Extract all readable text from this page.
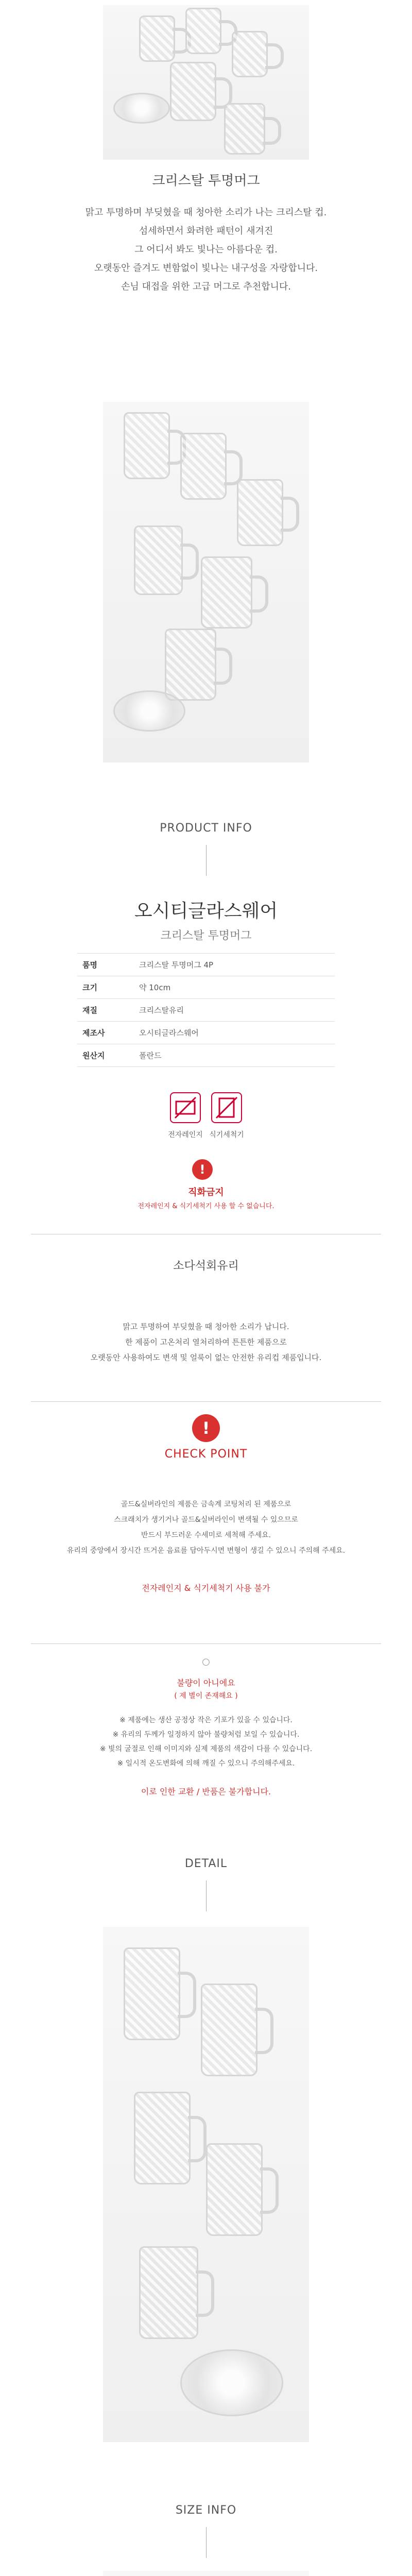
크리스탈 투명머그
맑고 투명하며 부딪혔을 때 청아한 소리가 나는 크리스탈 컵.
섬세하면서 화려한 패턴이 새겨진
그 어디서 봐도 빛나는 아름다운 컵.
오랫동안 즐겨도 변함없이 빛나는 내구성을 자랑합니다.
손님 대접을 위한 고급 머그로 추천합니다.
PRODUCT INFO
오시티글라스웨어
크리스탈 투명머그
품명	크리스탈 투명머그 4P
크기	약 10cm
재질	크리스탈유리
제조사	오시티글라스웨어
원산지	폴란드
전자레인지 식기세척기
!
직화금지
전자레인지 & 식기세척기 사용 할 수 없습니다.
소다석회유리
맑고 투명하여 부딪혔을 때 청아한 소리가 납니다.
한 제품이 고온처리 열처리하여 튼튼한 제품으로
오랫동안 사용하여도 변색 및 얼룩이 없는 안전한 유리컵 제품입니다.
!
CHECK POINT
골드&실버라인의 제품은 금속계 코팅처리 된 제품으로
스크래치가 생기거나 골드&실버라인이 변색될 수 있으므로
반드시 부드러운 수세미로 세척해 주세요.
유리의 중앙에서 장시간 뜨거운 음료를 담아두시면 변형이 생길 수 있으니 주의해 주세요.
전자레인지 & 식기세척기 사용 불가
○
불량이 아니에요
( 제 별이 존재해요 )
※ 제품에는 생산 공정상 작은 기포가 있을 수 있습니다.
※ 유리의 두께가 일정하지 않아 불량처럼 보일 수 있습니다.
※ 빛의 굴절로 인해 이미지와 실제 제품의 색감이 다를 수 있습니다.
※ 일시적 온도변화에 의해 깨질 수 있으니 주의해주세요.
이로 인한 교환 / 반품은 불가합니다.
DETAIL
SIZE INFO
